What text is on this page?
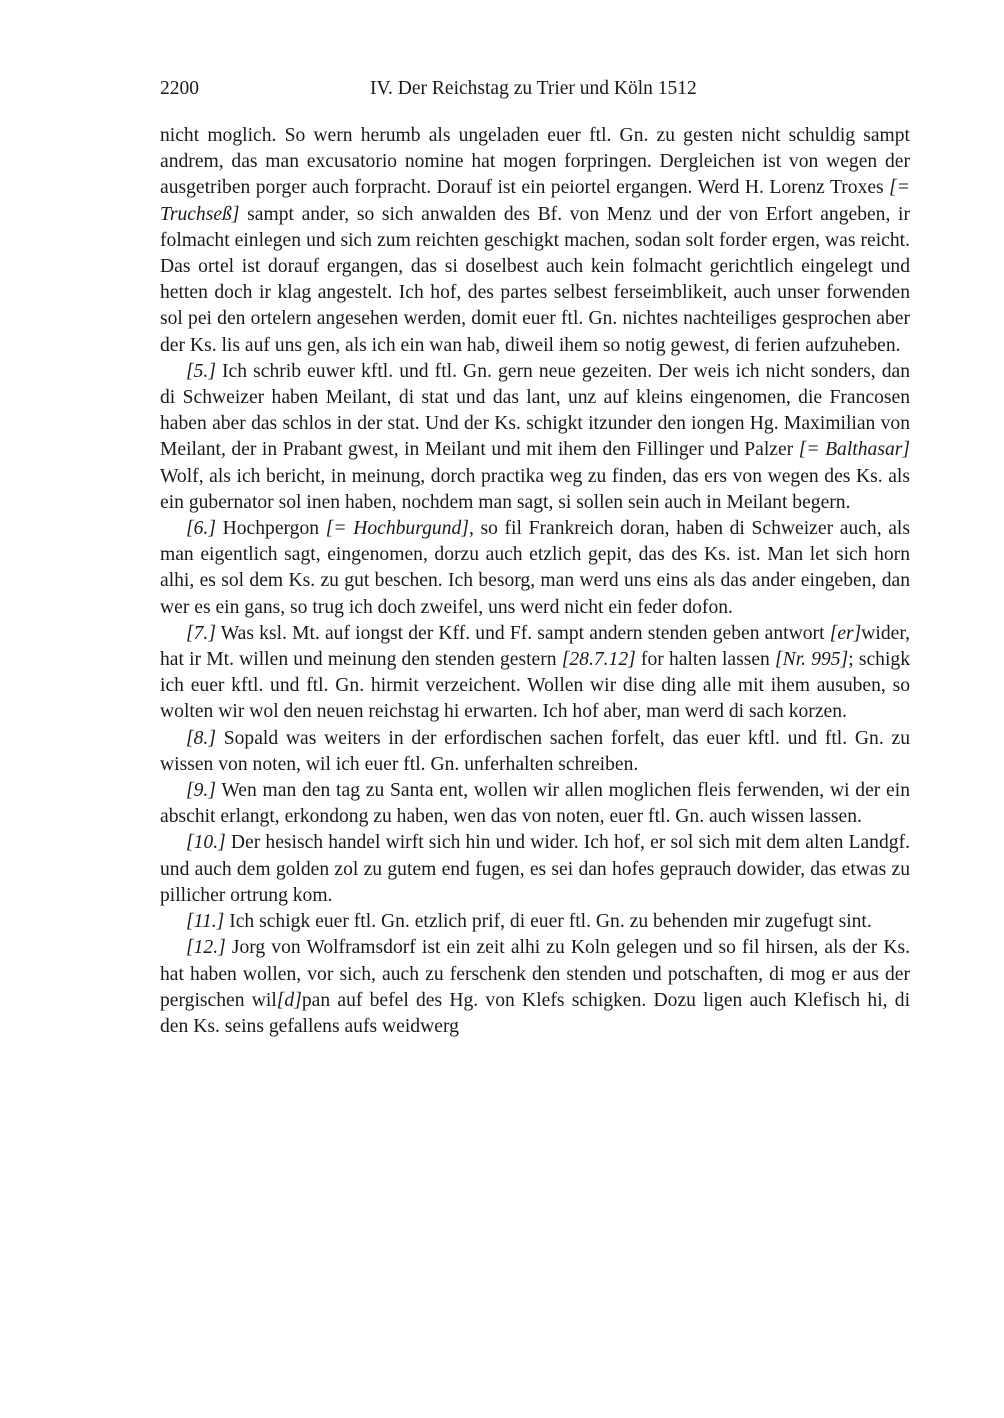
2200	IV. Der Reichstag zu Trier und Köln 1512

nicht moglich. So wern herumb als ungeladen euer ftl. Gn. zu gesten nicht schuldig sampt andrem, das man excusatorio nomine hat mogen forpringen. Dergleichen ist von wegen der ausgetriben porger auch forpracht. Dorauf ist ein peiortel ergangen. Werd H. Lorenz Troxes [= Truchseß] sampt ander, so sich anwalden des Bf. von Menz und der von Erfort angeben, ir folmacht einlegen und sich zum reichten geschigkt machen, sodan solt forder ergen, was reicht. Das ortel ist dorauf ergangen, das si doselbest auch kein folmacht gerichtlich eingelegt und hetten doch ir klag angestelt. Ich hof, des partes selbest ferseimblikeit, auch unser forwenden sol pei den ortelern angesehen werden, domit euer ftl. Gn. nichtes nachteiliges gesprochen aber der Ks. lis auf uns gen, als ich ein wan hab, diweil ihem so notig gewest, di ferien aufzuheben.

[5.] Ich schrib euwer kftl. und ftl. Gn. gern neue gezeiten. Der weis ich nicht sonders, dan di Schweizer haben Meilant, di stat und das lant, unz auf kleins eingenomen, die Francosen haben aber das schlos in der stat. Und der Ks. schigkt itzunder den iongen Hg. Maximilian von Meilant, der in Prabant gwest, in Meilant und mit ihem den Fillinger und Palzer [= Balthasar] Wolf, als ich bericht, in meinung, dorch practika weg zu finden, das ers von wegen des Ks. als ein gubernator sol inen haben, nochdem man sagt, si sollen sein auch in Meilant begern.

[6.] Hochpergon [= Hochburgund], so fil Frankreich doran, haben di Schweizer auch, als man eigentlich sagt, eingenomen, dorzu auch etzlich gepit, das des Ks. ist. Man let sich horn alhi, es sol dem Ks. zu gut beschen. Ich besorg, man werd uns eins als das ander eingeben, dan wer es ein gans, so trug ich doch zweifel, uns werd nicht ein feder dofon.

[7.] Was ksl. Mt. auf iongst der Kff. und Ff. sampt andern stenden geben antwort [er]wider, hat ir Mt. willen und meinung den stenden gestern [28.7.12] for halten lassen [Nr. 995]; schigk ich euer kftl. und ftl. Gn. hirmit verzeichent. Wollen wir dise ding alle mit ihem ausuben, so wolten wir wol den neuen reichstag hi erwarten. Ich hof aber, man werd di sach korzen.

[8.] Sopald was weiters in der erfordischen sachen forfelt, das euer kftl. und ftl. Gn. zu wissen von noten, wil ich euer ftl. Gn. unferhalten schreiben.

[9.] Wen man den tag zu Santa ent, wollen wir allen moglichen fleis ferwenden, wi der ein abschit erlangt, erkondong zu haben, wen das von noten, euer ftl. Gn. auch wissen lassen.

[10.] Der hesisch handel wirft sich hin und wider. Ich hof, er sol sich mit dem alten Landgf. und auch dem golden zol zu gutem end fugen, es sei dan hofes geprauch dowider, das etwas zu pillicher ortrung kom.

[11.] Ich schigk euer ftl. Gn. etzlich prif, di euer ftl. Gn. zu behenden mir zugefugt sint.

[12.] Jorg von Wolframsdorf ist ein zeit alhi zu Koln gelegen und so fil hirsen, als der Ks. hat haben wollen, vor sich, auch zu ferschenk den stenden und potschaften, di mog er aus der pergischen wil[d]pan auf befel des Hg. von Klefs schigken. Dozu ligen auch Klefisch hi, di den Ks. seins gefallens aufs weidwerg
